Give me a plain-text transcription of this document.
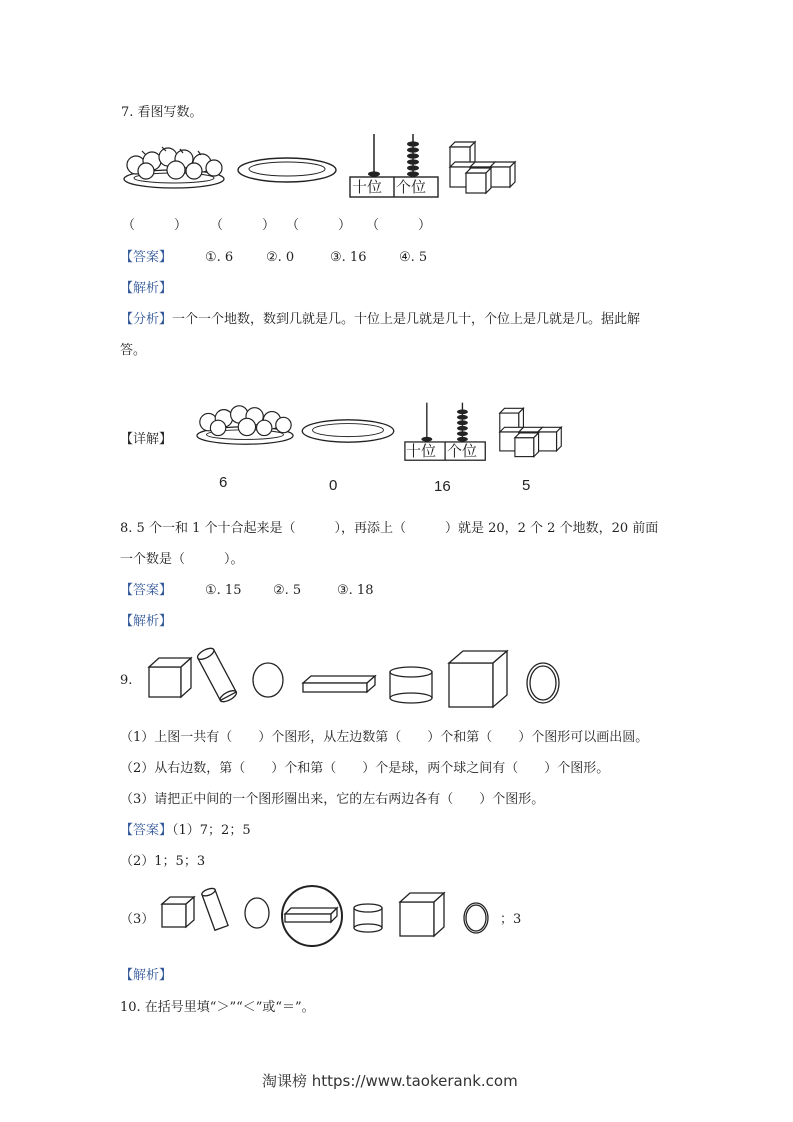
7. 看图写数。
十位 个位
（　　　） （　　　） （　　　） （　　　）
【答案】	①. 6	②. 0	③. 16	④. 5
【解析】
【分析】一个一个地数，数到几就是几。十位上是几就是几十，个位上是几就是几。据此解
答。
【详解】
十位 个位
6	0	16	5
8. 5 个一和 1 个十合起来是（　　　），再添上（　　　）就是 20，2 个 2 个地数，20 前面
一个数是（　　　）。
【答案】	①. 15 ②. 5	③. 18
【解析】
9.
（1）上图一共有（　　）个图形，从左边数第（　　）个和第（　　）个图形可以画出圆。
（2）从右边数，第（　　）个和第（　　）个是球，两个球之间有（　　）个图形。
（3）请把正中间的一个图形圈出来，它的左右两边各有（　　）个图形。
【答案】（1）7；2；5
（2）1；5；3
（3）	；3
【解析】
10. 在括号里填“＞”“＜”或“＝”。
淘课榜 https://www.taokerank.com
